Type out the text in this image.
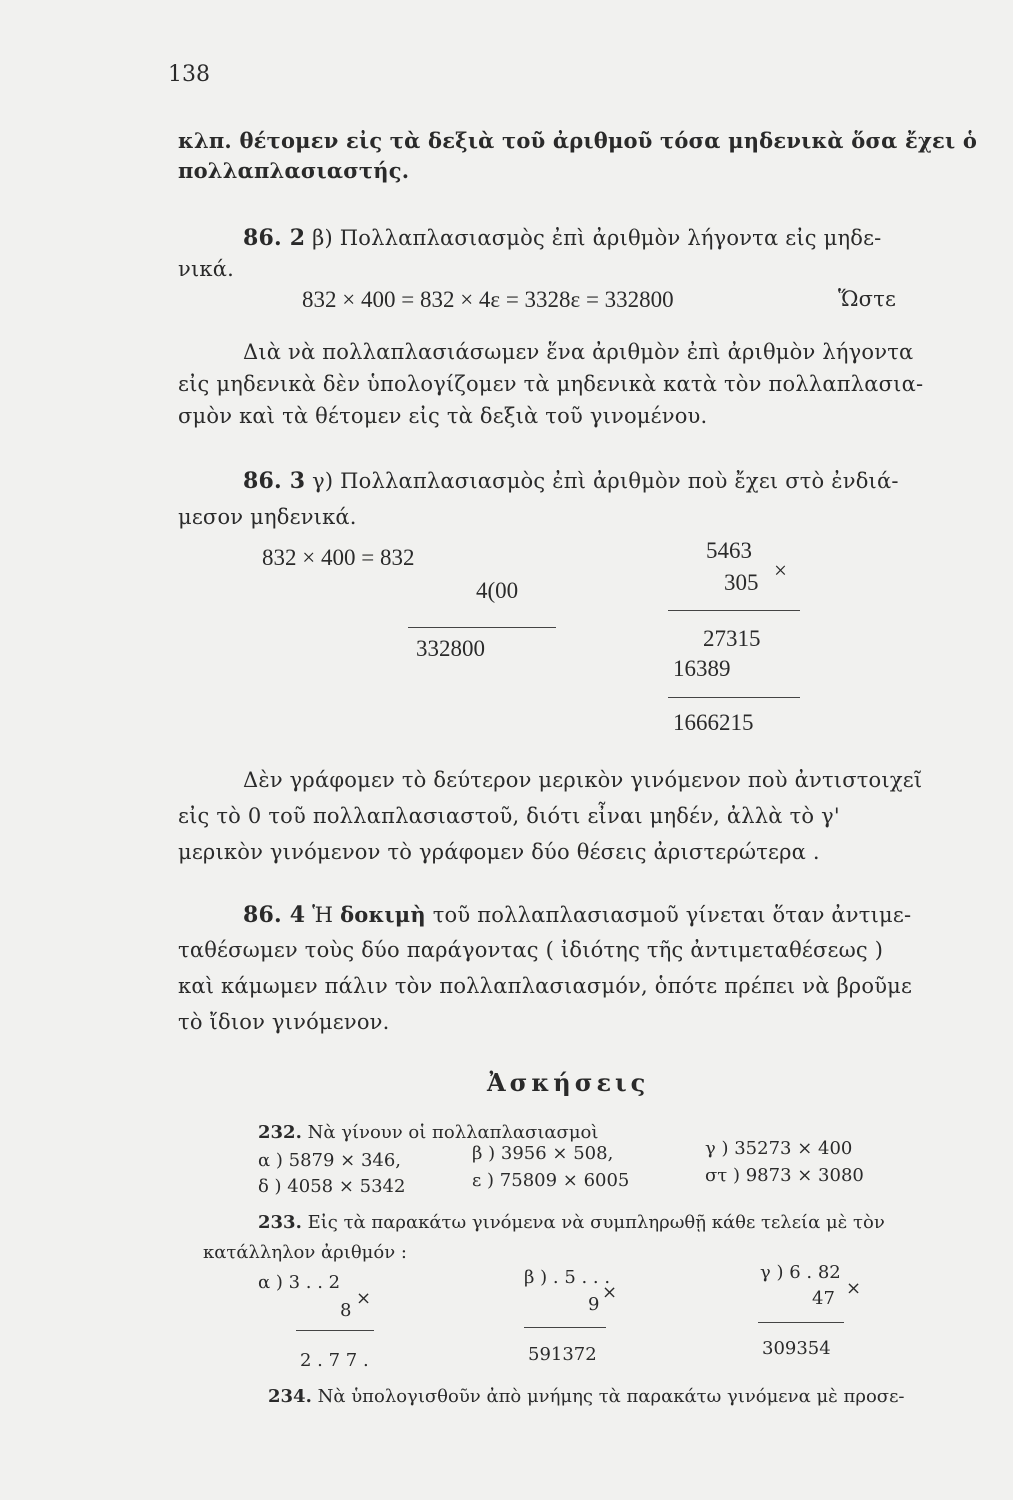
138
κλπ. θέτομεν εἰς τὰ δεξιὰ τοῦ ἀριθμοῦ τόσα μηδενικὰ ὅσα ἔχει ὁ
πολλαπλασιαστής.
86. 2 β) Πολλαπλασιασμὸς ἐπὶ ἀριθμὸν λήγοντα εἰς μηδε-
νικά.
832 × 400 = 832 × 4ε = 3328ε = 332800	Ὥστε
Διὰ νὰ πολλαπλασιάσωμεν ἕνα ἀριθμὸν ἐπὶ ἀριθμὸν λήγοντα
εἰς μηδενικὰ δὲν ὑπολογίζομεν τὰ μηδενικὰ κατὰ τὸν πολλαπλασια-
σμὸν καὶ τὰ θέτομεν εἰς τὰ δεξιὰ τοῦ γινομένου.
86. 3 γ) Πολλαπλασιασμὸς ἐπὶ ἀριθμὸν ποὺ ἔχει στὸ ἐνδιά-
μεσον μηδενικά.
832 × 400 = 832
4(00
332800
5463
305 ×
27315
16389
1666215
Δὲν γράφομεν τὸ δεύτερον μερικὸν γινόμενον ποὺ ἀντιστοιχεῖ
εἰς τὸ 0 τοῦ πολλαπλασιαστοῦ, διότι εἶναι μηδέν, ἀλλὰ τὸ γ'
μερικὸν γινόμενον τὸ γράφομεν δύο θέσεις ἀριστερώτερα .
86. 4 Ἡ δοκιμὴ τοῦ πολλαπλασιασμοῦ γίνεται ὅταν ἀντιμε-
ταθέσωμεν τοὺς δύο παράγοντας ( ἰδιότης τῆς ἀντιμεταθέσεως )
καὶ κάμωμεν πάλιν τὸν πολλαπλασιασμόν, ὁπότε πρέπει νὰ βροῦμε
τὸ ἴδιον γινόμενον.
Ἀσκήσεις
232. Νὰ γίνουν οἱ πολλαπλασιασμοὶ
α ) 5879 × 346,	β ) 3956 × 508,	γ ) 35273 × 400
δ ) 4058 × 5342	ε ) 75809 × 6005	στ ) 9873 × 3080
233. Εἰς τὰ παρακάτω γινόμενα νὰ συμπληρωθῇ κάθε τελεία μὲ τὸν
κατάλληλον ἀριθμόν :
α ) 3 . . 2
8
×
2 . 7 7 .
β ) . 5 . . .
9
×
591372
γ ) 6 . 82
47 ×
309354
234. Νὰ ὑπολογισθοῦν ἀπὸ μνήμης τὰ παρακάτω γινόμενα μὲ προσε-
